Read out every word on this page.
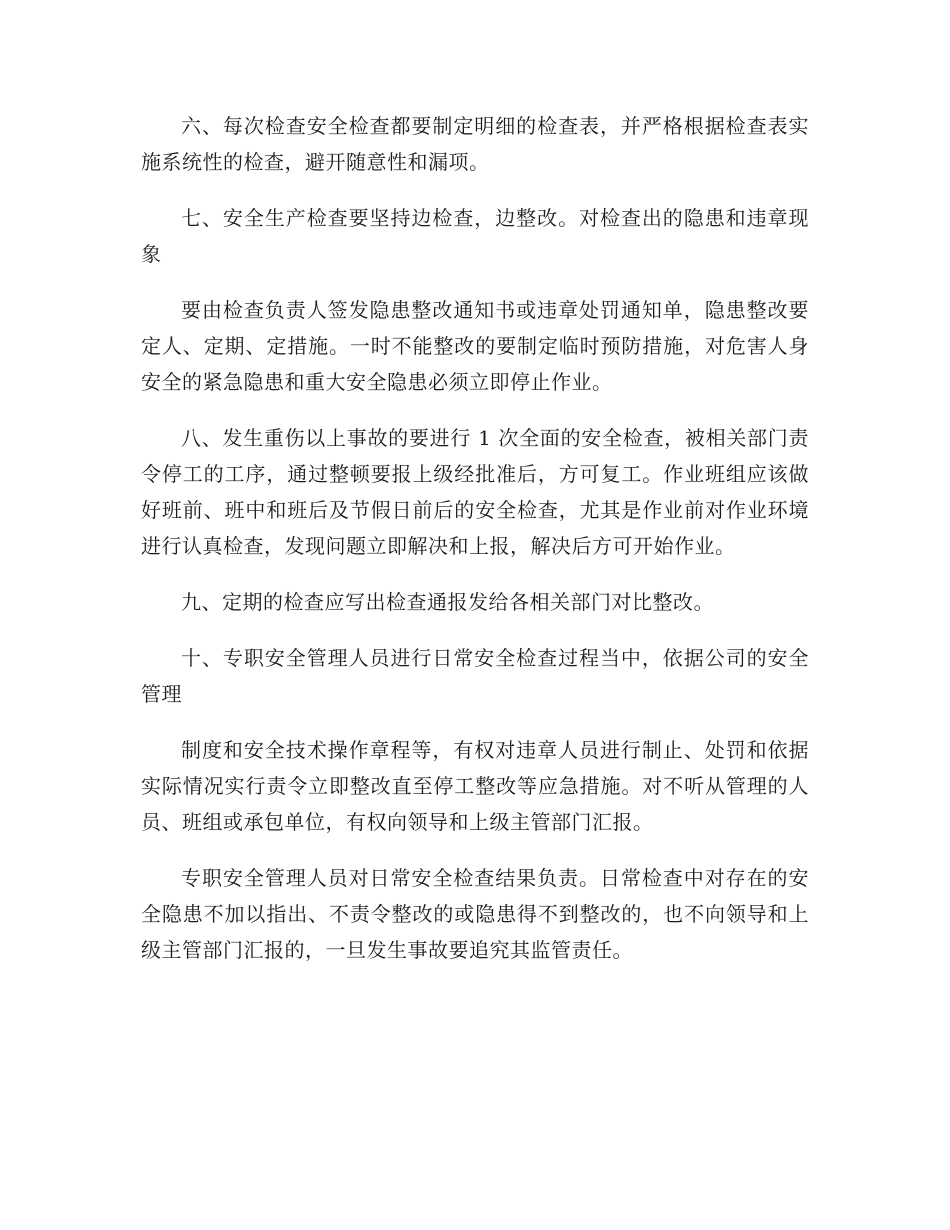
六、每次检查安全检查都要制定明细的检查表，并严格根据检查表实施系统性的检查，避开随意性和漏项。

七、安全生产检查要坚持边检查，边整改。对检查出的隐患和违章现象

要由检查负责人签发隐患整改通知书或违章处罚通知单，隐患整改要定人、定期、定措施。一时不能整改的要制定临时预防措施，对危害人身安全的紧急隐患和重大安全隐患必须立即停止作业。

八、发生重伤以上事故的要进行 1 次全面的安全检查，被相关部门责令停工的工序，通过整顿要报上级经批准后，方可复工。作业班组应该做好班前、班中和班后及节假日前后的安全检查，尤其是作业前对作业环境进行认真检查，发现问题立即解决和上报，解决后方可开始作业。

九、定期的检查应写出检查通报发给各相关部门对比整改。

十、专职安全管理人员进行日常安全检查过程当中，依据公司的安全管理

制度和安全技术操作章程等，有权对违章人员进行制止、处罚和依据实际情况实行责令立即整改直至停工整改等应急措施。对不听从管理的人员、班组或承包单位，有权向领导和上级主管部门汇报。

专职安全管理人员对日常安全检查结果负责。日常检查中对存在的安全隐患不加以指出、不责令整改的或隐患得不到整改的，也不向领导和上级主管部门汇报的，一旦发生事故要追究其监管责任。
